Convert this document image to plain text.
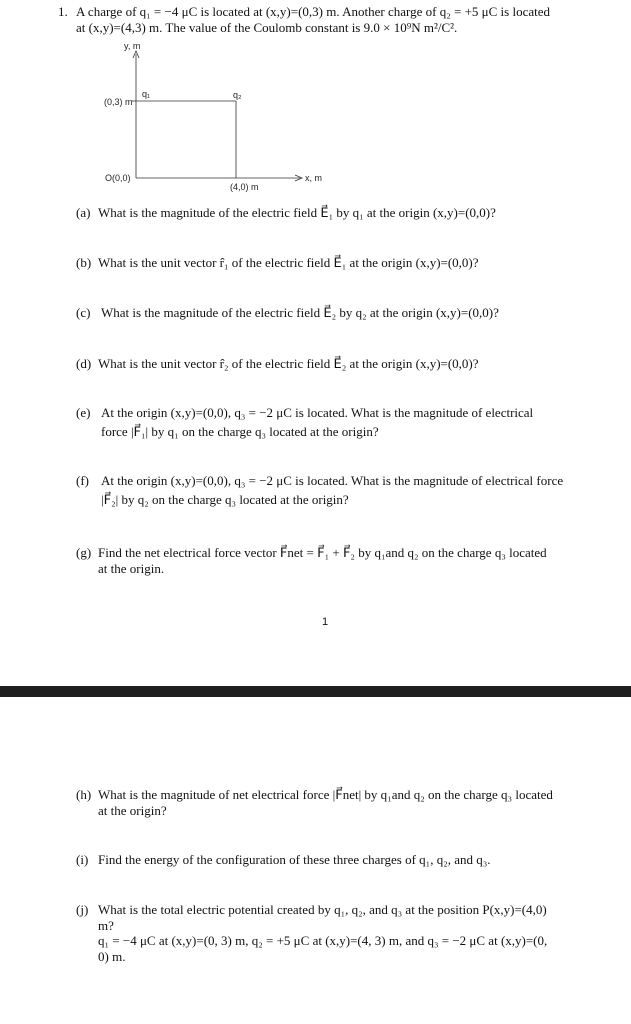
1. A charge of q₁ = −4 μC is located at (x,y)=(0,3) m. Another charge of q₂ = +5 μC is located
at (x,y)=(4,3) m. The value of the Coulomb constant is 9.0 × 10⁹N m²/C².
y, m
q₁	q₂
(0,3) m
O(0,0)	x, m
(4,0) m
(a) What is the magnitude of the electric field E⃗₁ by q₁ at the origin (x,y)=(0,0)?
(b) What is the unit vector r̂₁ of the electric field E⃗₁ at the origin (x,y)=(0,0)?
(c) What is the magnitude of the electric field E⃗₂ by q₂ at the origin (x,y)=(0,0)?
(d) What is the unit vector r̂₂ of the electric field E⃗₂ at the origin (x,y)=(0,0)?
(e) At the origin (x,y)=(0,0), q₃ = −2 μC is located. What is the magnitude of electrical
force |F⃗₁| by q₁ on the charge q₃ located at the origin?
(f) At the origin (x,y)=(0,0), q₃ = −2 μC is located. What is the magnitude of electrical force
|F⃗₂| by q₂ on the charge q₃ located at the origin?
(g) Find the net electrical force vector F⃗net = F⃗₁ + F⃗₂ by q₁and q₂ on the charge q₃ located
at the origin.
1
(h) What is the magnitude of net electrical force |F⃗net| by q₁and q₂ on the charge q₃ located
at the origin?
(i) Find the energy of the configuration of these three charges of q₁, q₂, and q₃.
(j) What is the total electric potential created by q₁, q₂, and q₃ at the position P(x,y)=(4,0)
m?
q₁ = −4 μC at (x,y)=(0, 3) m, q₂ = +5 μC at (x,y)=(4, 3) m, and q₃ = −2 μC at (x,y)=(0,
0) m.
